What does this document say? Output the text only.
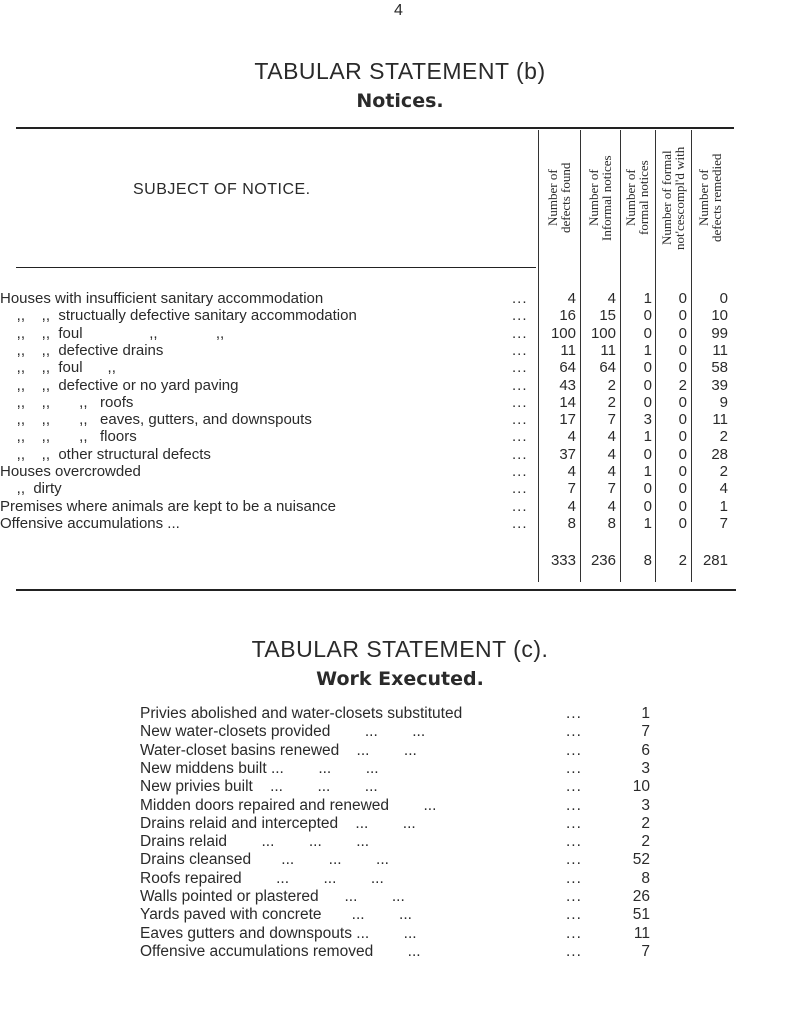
4
TABULAR STATEMENT (b)
Notices.
SUBJECT OF NOTICE.	Number of
defects found
Number of
Informal notices
Number of
formal notices
Number of formal
not'cescompl'd with
Number of
defects remedied
Houses with insufficient sanitary accommodation	...	4	4	1	0	0
,,    ,,  structually defective sanitary accommodation	...	16	15	0	0	10
,,    ,,  foul                ,,              ,,	...	100 100	0	0	99
,,    ,,  defective drains	...	11	11	1	0	11
,,    ,,  foul      ,,	...	64	64	0	0	58
,,    ,,  defective or no yard paving	...	43	2	0	2	39
,,    ,,       ,,   roofs	...	14	2	0	0	9
,,    ,,       ,,   eaves, gutters, and downspouts	...	17	7	3	0	11
,,    ,,       ,,   floors	...	4	4	1	0	2
,,    ,,  other structural defects	...	37	4	0	0	28
Houses overcrowded	...	4	4	1	0	2
,,  dirty	...	7	7	0	0	4
Premises where animals are kept to be a nuisance	...	4	4	0	0	1
Offensive accumulations ...	...	8	8	1	0	7
333 236	8	2	281
TABULAR STATEMENT (c).
Work Executed.
Privies abolished and water-closets substituted	...	1
New water-closets provided        ...        ...	...	7
Water-closet basins renewed    ...        ...	...	6
New middens built ...        ...        ...	...	3
New privies built    ...        ...        ...	...	10
Midden doors repaired and renewed        ...	...	3
Drains relaid and intercepted    ...        ...	...	2
Drains relaid        ...        ...        ...	...	2
Drains cleansed       ...        ...        ...	...	52
Roofs repaired        ...        ...        ...	...	8
Walls pointed or plastered      ...        ...	...	26
Yards paved with concrete       ...        ...	...	51
Eaves gutters and downspouts ...        ...	...	11
Offensive accumulations removed        ...	...	7
